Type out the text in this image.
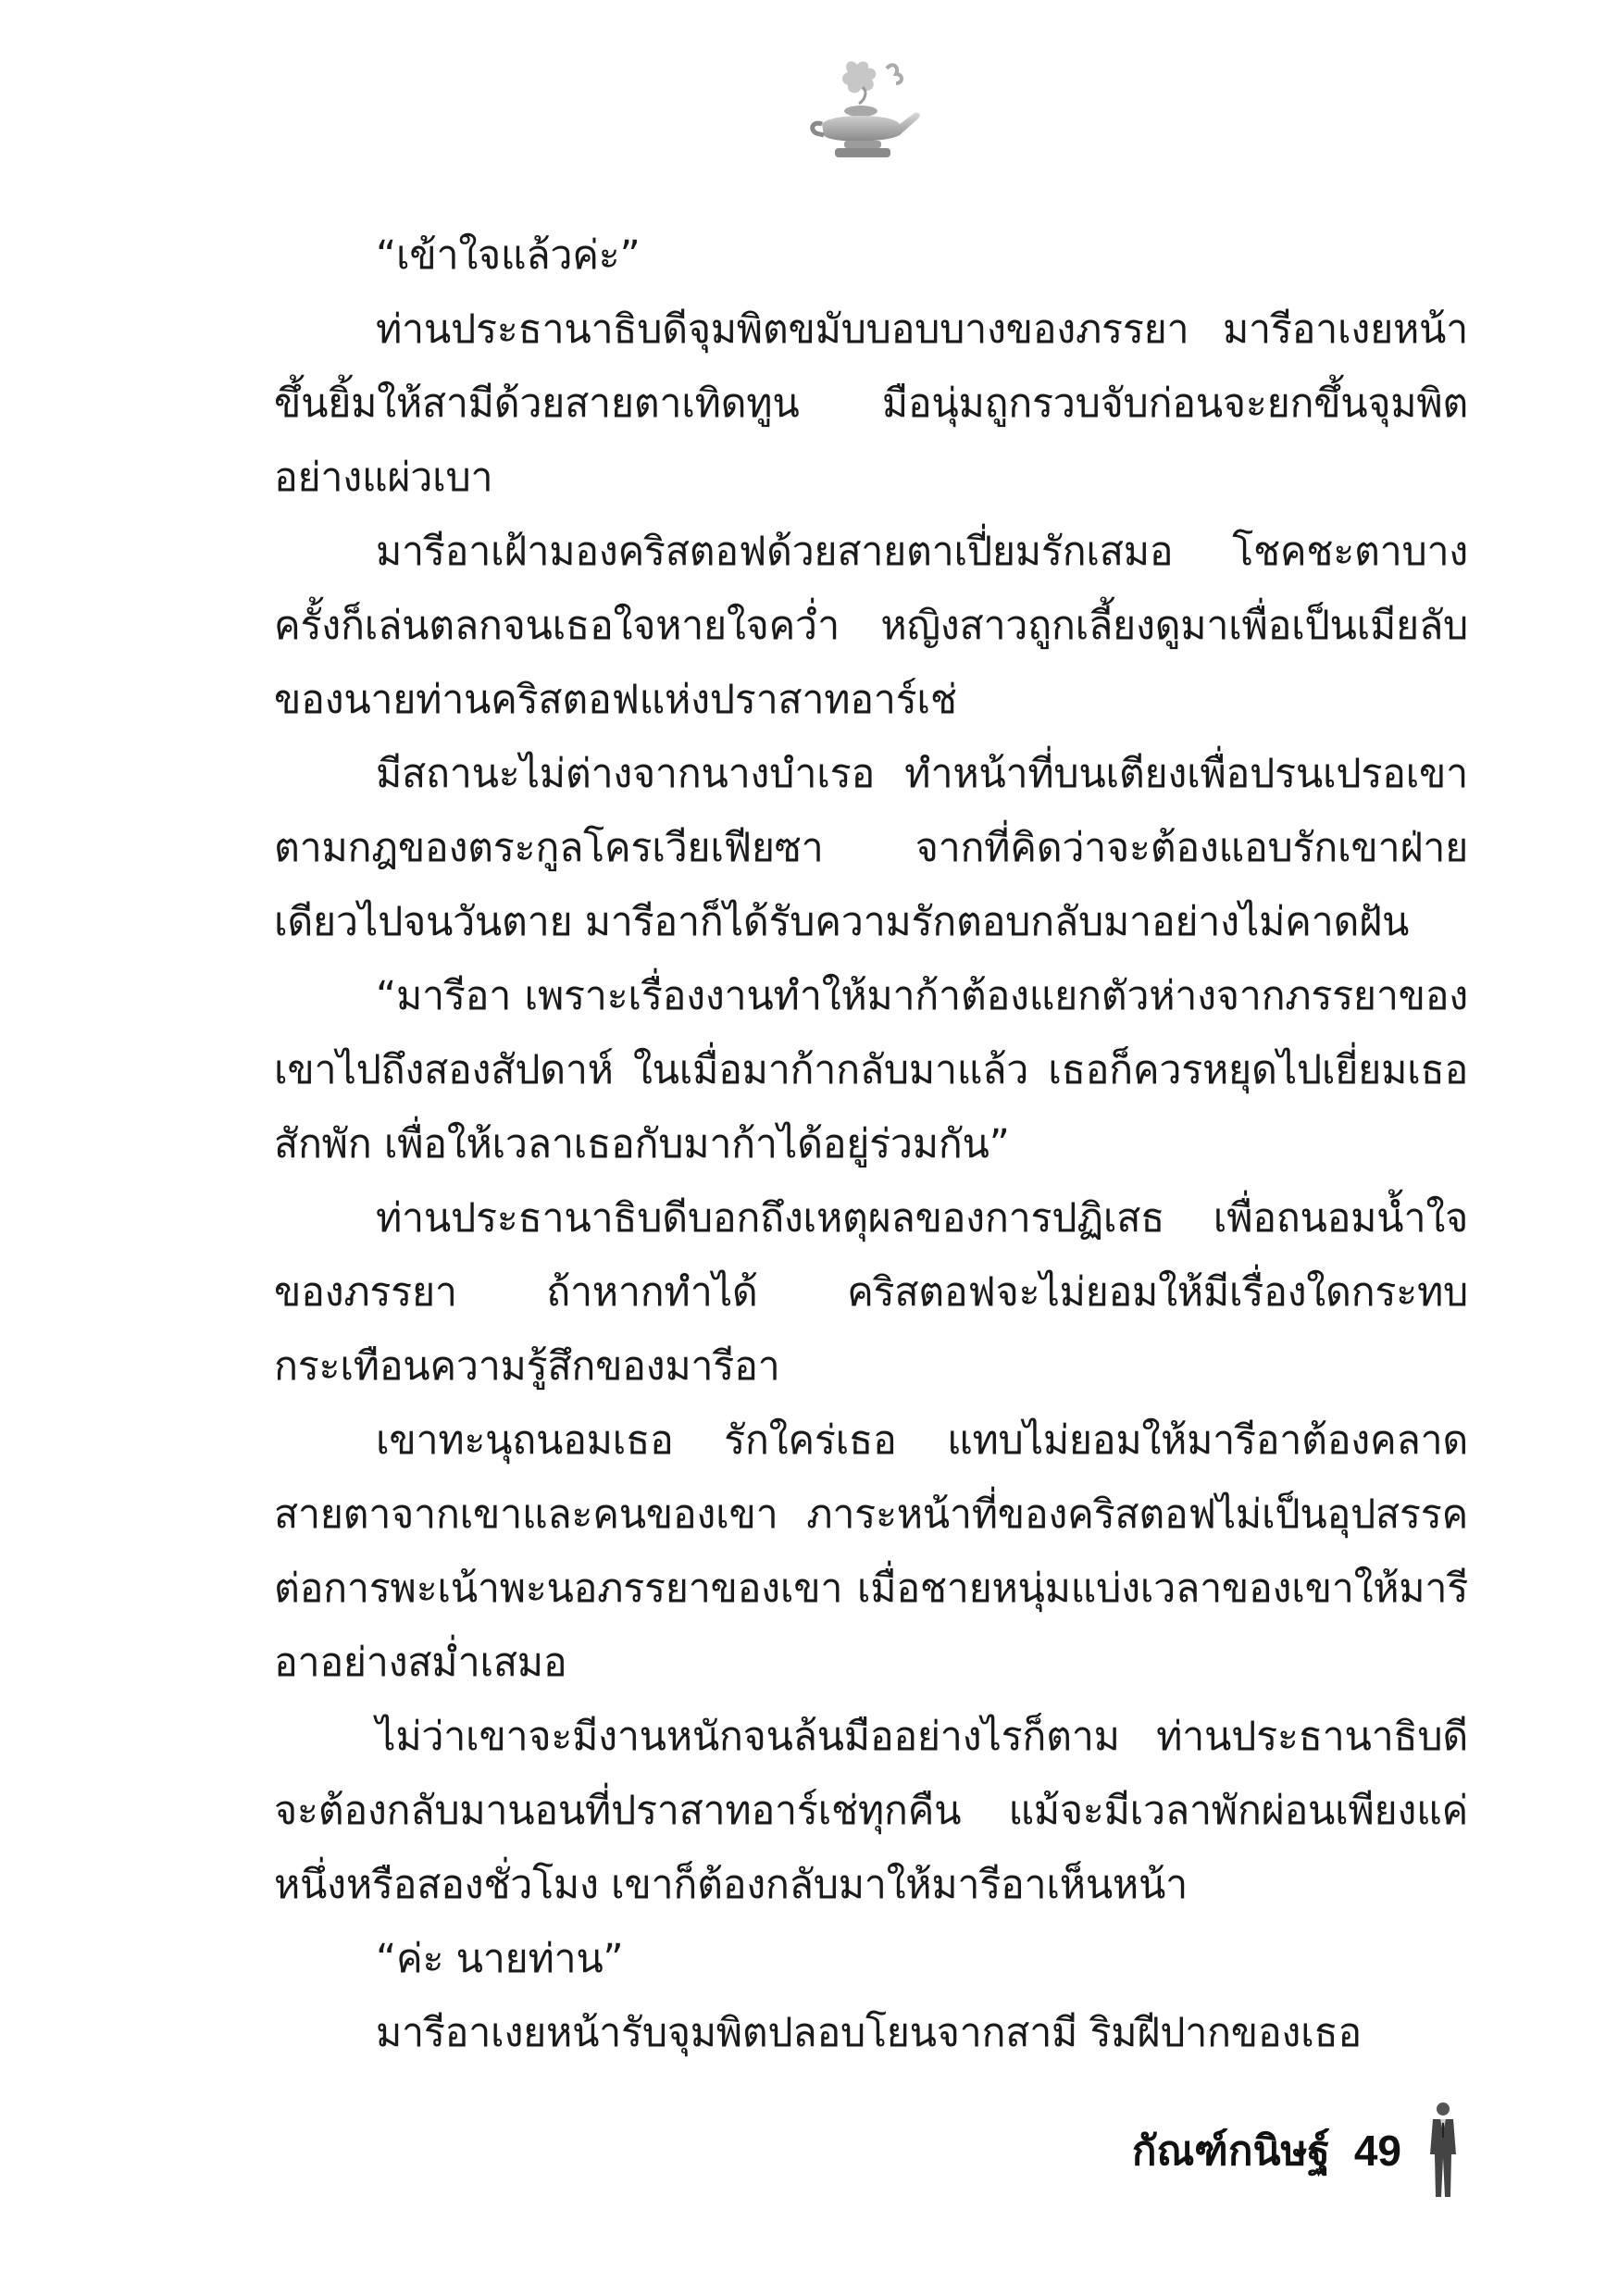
“เข้าใจแล้วค่ะ”

ท่านประธานาธิบดีจุมพิตขมับบอบบางของภรรยา มารีอาเงยหน้าขึ้นยิ้มให้สามีด้วยสายตาเทิดทูน มือนุ่มถูกรวบจับก่อนจะยกขึ้นจุมพิตอย่างแผ่วเบา

มารีอาเฝ้ามองคริสตอฟด้วยสายตาเปี่ยมรักเสมอ โชคชะตาบางครั้งก็เล่นตลกจนเธอใจหายใจคว่ำ หญิงสาวถูกเลี้ยงดูมาเพื่อเป็นเมียลับของนายท่านคริสตอฟแห่งปราสาทอาร์เช่

มีสถานะไม่ต่างจากนางบำเรอ ทำหน้าที่บนเตียงเพื่อปรนเปรอเขา ตามกฎของตระกูลโครเวียเฟียซา จากที่คิดว่าจะต้องแอบรักเขาฝ่ายเดียวไปจนวันตาย มารีอาก็ได้รับความรักตอบกลับมาอย่างไม่คาดฝัน

“มารีอา เพราะเรื่องงานทำให้มาก้าต้องแยกตัวห่างจากภรรยาของเขาไปถึงสองสัปดาห์ ในเมื่อมาก้ากลับมาแล้ว เธอก็ควรหยุดไปเยี่ยมเธอสักพัก เพื่อให้เวลาเธอกับมาก้าได้อยู่ร่วมกัน”

ท่านประธานาธิบดีบอกถึงเหตุผลของการปฏิเสธ เพื่อถนอมน้ำใจของภรรยา ถ้าหากทำได้ คริสตอฟจะไม่ยอมให้มีเรื่องใดกระทบกระเทือนความรู้สึกของมารีอา

เขาทะนุถนอมเธอ รักใคร่เธอ แทบไม่ยอมให้มารีอาต้องคลาดสายตาจากเขาและคนของเขา ภาระหน้าที่ของคริสตอฟไม่เป็นอุปสรรคต่อการพะเน้าพะนอภรรยาของเขา เมื่อชายหนุ่มแบ่งเวลาของเขาให้มารีอาอย่างสม่ำเสมอ

ไม่ว่าเขาจะมีงานหนักจนล้นมืออย่างไรก็ตาม ท่านประธานาธิบดีจะต้องกลับมานอนที่ปราสาทอาร์เช่ทุกคืน แม้จะมีเวลาพักผ่อนเพียงแค่หนึ่งหรือสองชั่วโมง เขาก็ต้องกลับมาให้มารีอาเห็นหน้า

“ค่ะ นายท่าน”

มารีอาเงยหน้ารับจุมพิตปลอบโยนจากสามี ริมฝีปากของเธอ

กัณฑ์กนิษฐ์ 49
